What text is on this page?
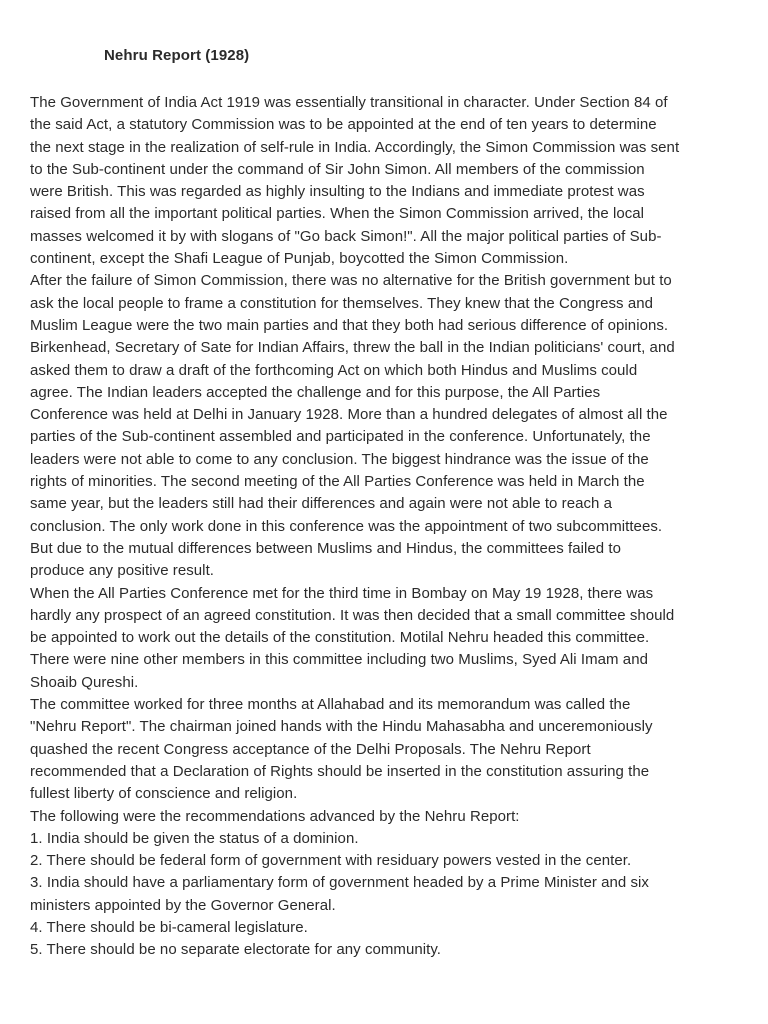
Nehru Report (1928)
The Government of India Act 1919 was essentially transitional in character. Under Section 84 of
the said Act, a statutory Commission was to be appointed at the end of ten years to determine
the next stage in the realization of self-rule in India. Accordingly, the Simon Commission was sent
to the Sub-continent under the command of Sir John Simon. All members of the commission
were British. This was regarded as highly insulting to the Indians and immediate protest was
raised from all the important political parties. When the Simon Commission arrived, the local
masses welcomed it by with slogans of "Go back Simon!". All the major political parties of Sub-
continent, except the Shafi League of Punjab, boycotted the Simon Commission.
After the failure of Simon Commission, there was no alternative for the British government but to
ask the local people to frame a constitution for themselves. They knew that the Congress and
Muslim League were the two main parties and that they both had serious difference of opinions.
Birkenhead, Secretary of Sate for Indian Affairs, threw the ball in the Indian politicians' court, and
asked them to draw a draft of the forthcoming Act on which both Hindus and Muslims could
agree. The Indian leaders accepted the challenge and for this purpose, the All Parties
Conference was held at Delhi in January 1928. More than a hundred delegates of almost all the
parties of the Sub-continent assembled and participated in the conference. Unfortunately, the
leaders were not able to come to any conclusion. The biggest hindrance was the issue of the
rights of minorities. The second meeting of the All Parties Conference was held in March the
same year, but the leaders still had their differences and again were not able to reach a
conclusion. The only work done in this conference was the appointment of two subcommittees.
But due to the mutual differences between Muslims and Hindus, the committees failed to
produce any positive result.
When the All Parties Conference met for the third time in Bombay on May 19 1928, there was
hardly any prospect of an agreed constitution. It was then decided that a small committee should
be appointed to work out the details of the constitution. Motilal Nehru headed this committee.
There were nine other members in this committee including two Muslims, Syed Ali Imam and
Shoaib Qureshi.
The committee worked for three months at Allahabad and its memorandum was called the
"Nehru Report". The chairman joined hands with the Hindu Mahasabha and unceremoniously
quashed the recent Congress acceptance of the Delhi Proposals. The Nehru Report
recommended that a Declaration of Rights should be inserted in the constitution assuring the
fullest liberty of conscience and religion.
The following were the recommendations advanced by the Nehru Report:
1. India should be given the status of a dominion.
2. There should be federal form of government with residuary powers vested in the center.
3. India should have a parliamentary form of government headed by a Prime Minister and six
ministers appointed by the Governor General.
4. There should be bi-cameral legislature.
5. There should be no separate electorate for any community.
